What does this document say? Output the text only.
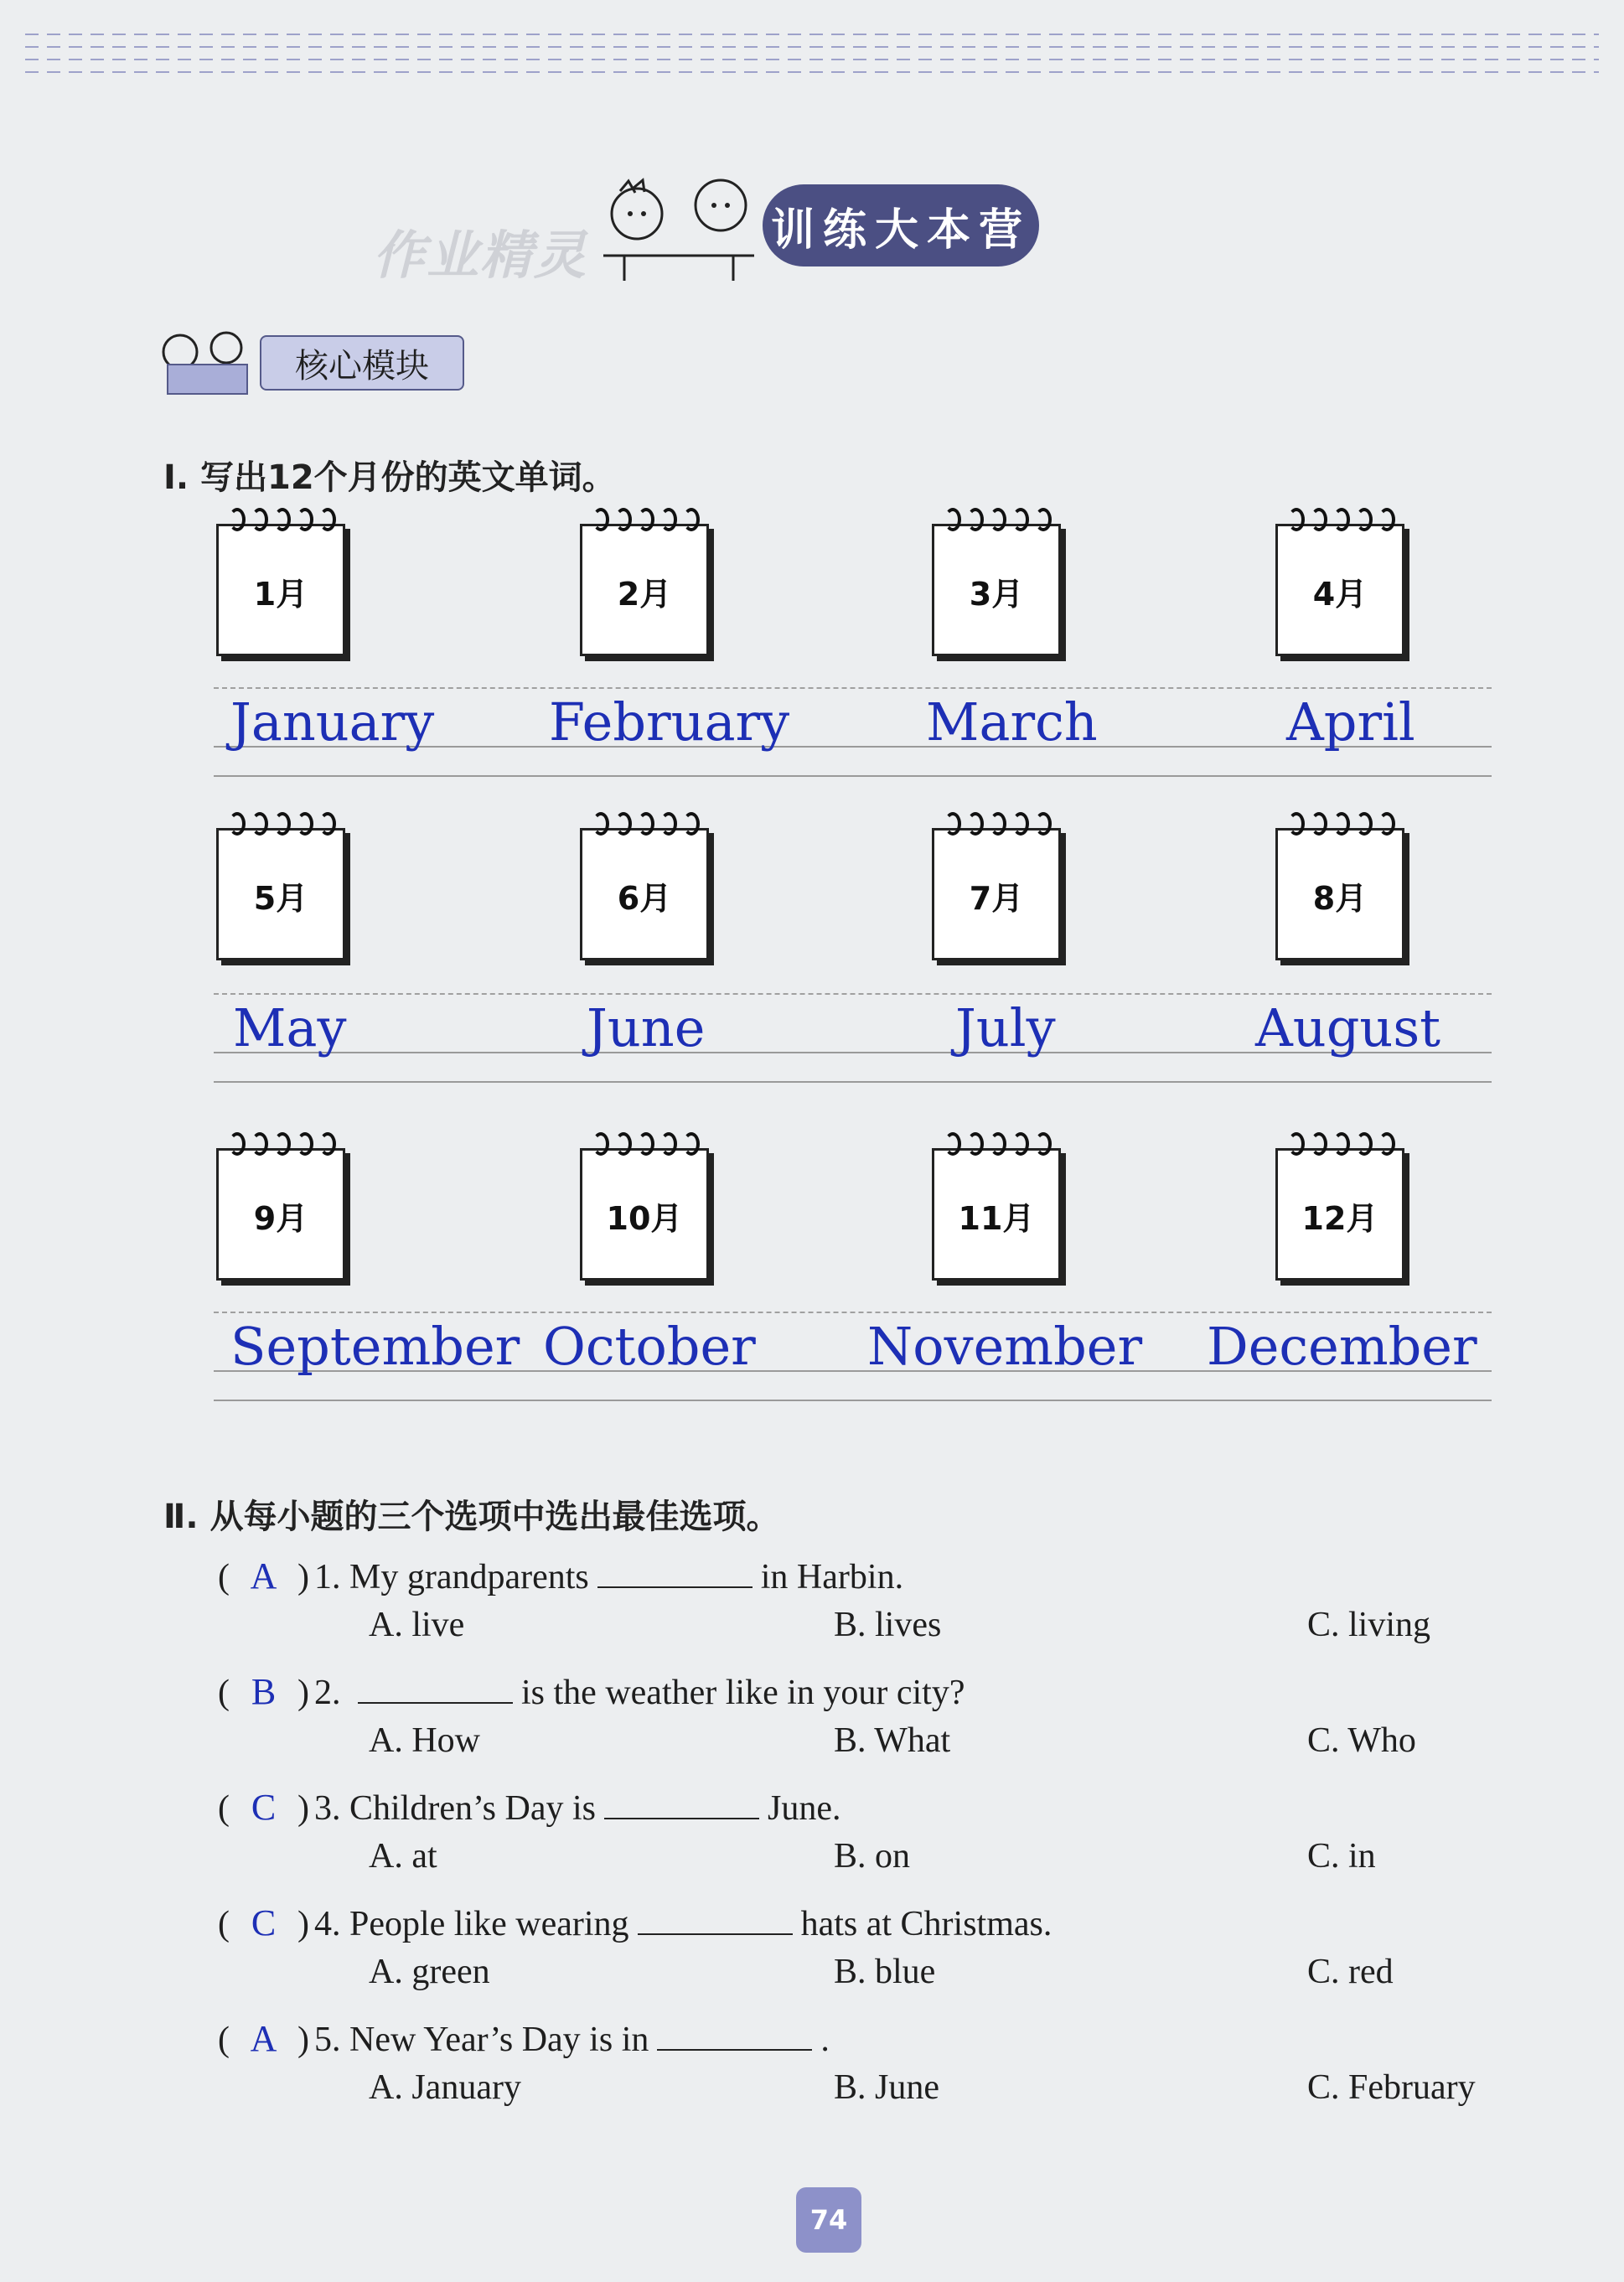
作业精灵	训练大本营
核心模块
Ⅰ. 写出12个月份的英文单词。
1月	2月	3月	4月
January February	March	April
5月	6月	7月	8月
May	June	July	August
9月	10月	11月	12月
September October November December
Ⅱ. 从每小题的三个选项中选出最佳选项。
( A ) 1. My grandparents	in Harbin.
A. live	B. lives	C. living
( B ) 2.	is the weather like in your city?
A. How	B. What	C. Who
( C ) 3. Children’s Day is	June.
A. at	B. on	C. in
( C ) 4. People like wearing	hats at Christmas.
A. green	B. blue	C. red
( A ) 5. New Year’s Day is in	.
A. January	B. June	C. February
74
